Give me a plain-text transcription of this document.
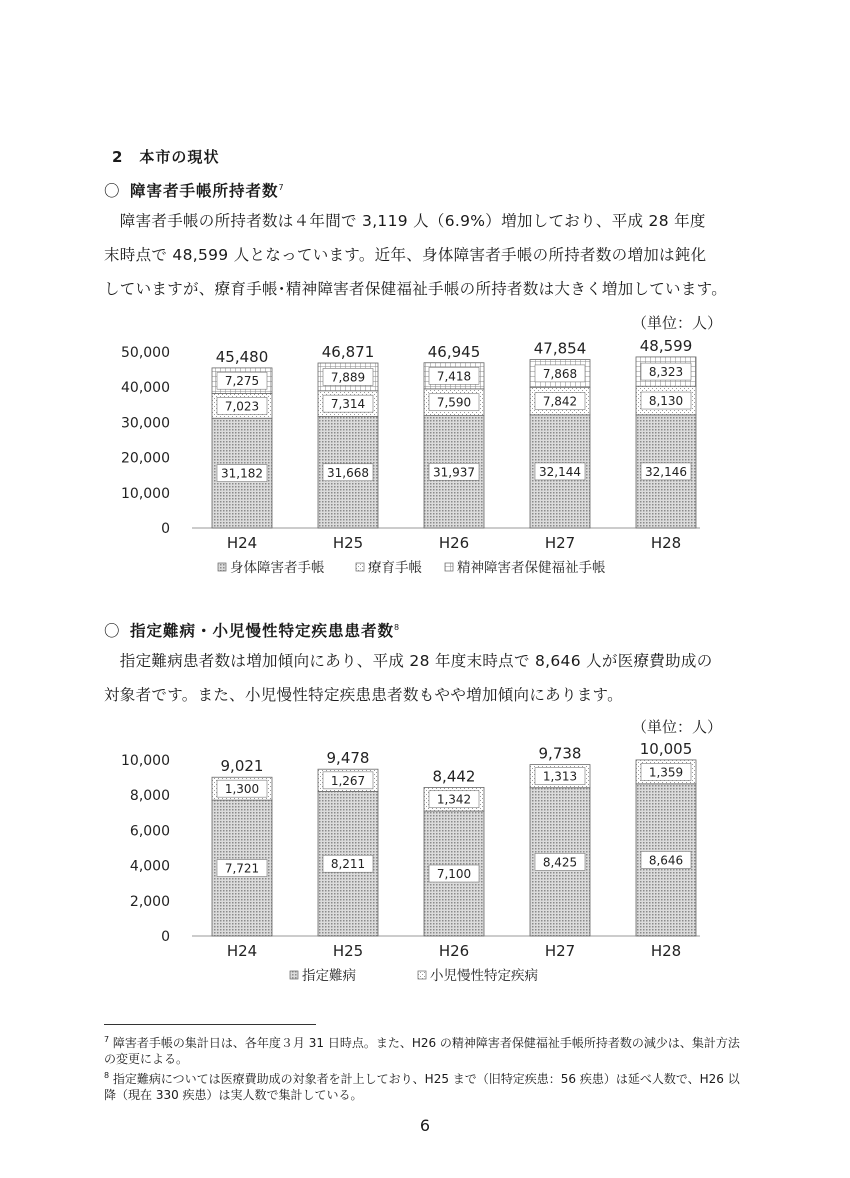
2　本市の現状
〇 障害者手帳所持者数$^7$
　障害者手帳の所持者数は４年間で 3,119 人（6.9%）増加しており、平成 28 年度
末時点で 48,599 人となっています。近年、身体障害者手帳の所持者数の増加は鈍化
していますが、療育手帳･精神障害者保健福祉手帳の所持者数は大きく増加しています。
（単位：人）
0
10,000
20,000
30,000
40,000
50,000
31,182
7,023
7,275
45,480
H24
31,668
7,314
7,889
46,871
H25
31,937
7,590
7,418
46,945
H26
32,144
7,842
7,868
47,854
H27
32,146
8,130
8,323
48,599
H28
身体障害者手帳	療育手帳	精神障害者保健福祉手帳
〇 指定難病・小児慢性特定疾患患者数$^8$
　指定難病患者数は増加傾向にあり、平成 28 年度末時点で 8,646 人が医療費助成の
対象者です。また、小児慢性特定疾患患者数もやや増加傾向にあります。
（単位：人）
0
2,000
4,000
6,000
8,000
10,000
7,721
1,300
9,021
H24
8,211
1,267
9,478
H25
7,100
1,342
8,442
H26
8,425
1,313
9,738
H27
8,646
1,359
10,005
H28
指定難病	小児慢性特定疾病
$^7$ 障害者手帳の集計日は、各年度３月 31 日時点。また、H26 の精神障害者保健福祉手帳所持者数の減少は、集計方法の変更による。
$^8$ 指定難病については医療費助成の対象者を計上しており、H25 まで（旧特定疾患：56 疾患）は延べ人数で、H26 以降（現在 330 疾患）は実人数で集計している。
6
